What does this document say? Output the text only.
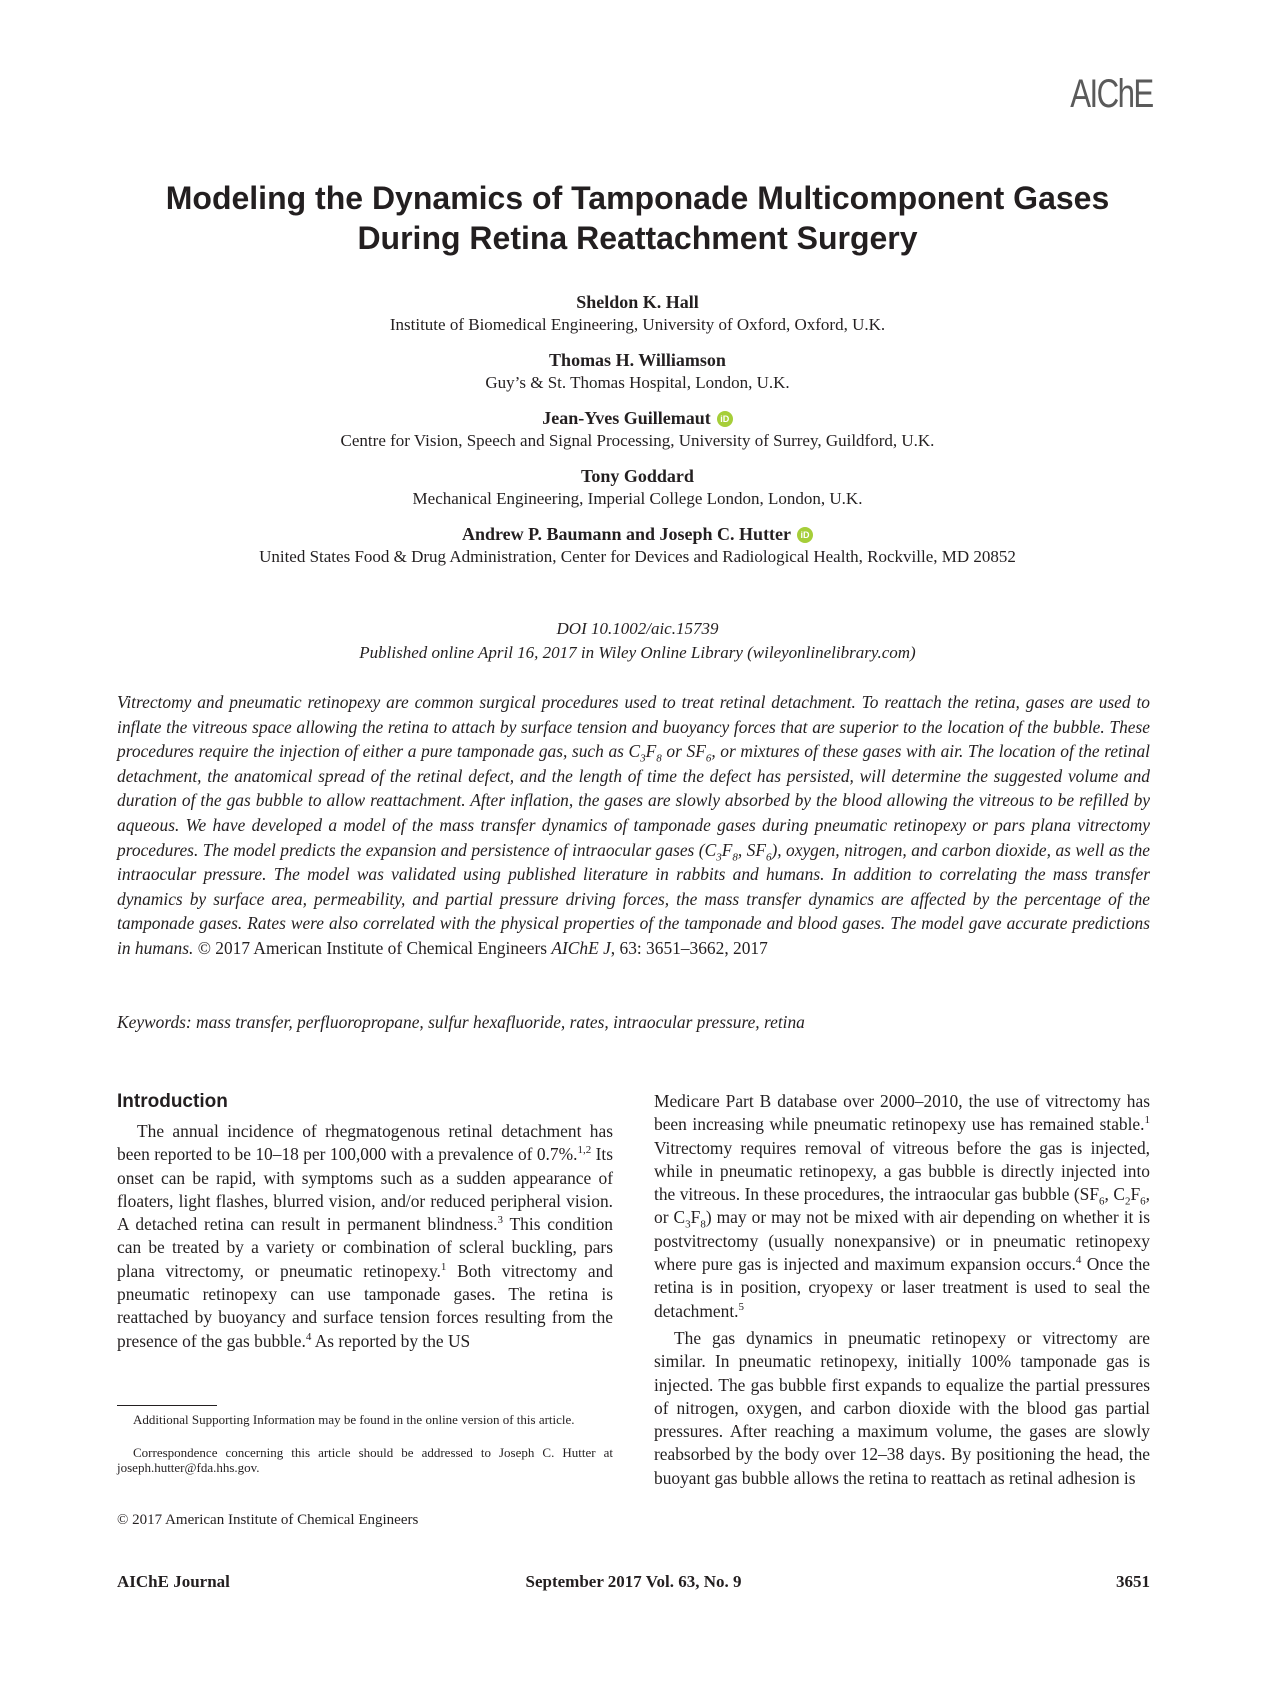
AIChE
Modeling the Dynamics of Tamponade Multicomponent Gases
During Retina Reattachment Surgery
Sheldon K. Hall
Institute of Biomedical Engineering, University of Oxford, Oxford, U.K.
Thomas H. Williamson
Guy’s & St. Thomas Hospital, London, U.K.
Jean-Yves Guillemaut iD
Centre for Vision, Speech and Signal Processing, University of Surrey, Guildford, U.K.
Tony Goddard
Mechanical Engineering, Imperial College London, London, U.K.
Andrew P. Baumann and Joseph C. Hutter iD
United States Food & Drug Administration, Center for Devices and Radiological Health, Rockville, MD 20852
DOI 10.1002/aic.15739
Published online April 16, 2017 in Wiley Online Library (wileyonlinelibrary.com)

Vitrectomy and pneumatic retinopexy are common surgical procedures used to treat retinal detachment. To reattach the retina, gases are used to inflate the vitreous space allowing the retina to attach by surface tension and buoyancy forces that are superior to the location of the bubble. These procedures require the injection of either a pure tamponade gas, such as $C_3F_8$ or $SF_6$, or mixtures of these gases with air. The location of the retinal detachment, the anatomical spread of the retinal defect, and the length of time the defect has persisted, will determine the suggested volume and duration of the gas bubble to allow reattachment. After inflation, the gases are slowly absorbed by the blood allowing the vitreous to be refilled by aqueous. We have developed a model of the mass transfer dynamics of tamponade gases during pneumatic retinopexy or pars plana vitrectomy procedures. The model predicts the expansion and persistence of intraocular gases ($C_3F_8$, $SF_6$), oxygen, nitrogen, and carbon dioxide, as well as the intraocular pressure. The model was validated using published literature in rabbits and humans. In addition to correlating the mass transfer dynamics by surface area, permeability, and partial pressure driving forces, the mass transfer dynamics are affected by the percentage of the tamponade gases. Rates were also correlated with the physical properties of the tamponade and blood gases. The model gave accurate predictions in humans. © 2017 American Institute of Chemical Engineers AIChE J, 63: 3651–3662, 2017

Keywords: mass transfer, perfluoropropane, sulfur hexafluoride, rates, intraocular pressure, retina

Introduction

The annual incidence of rhegmatogenous retinal detachment has been reported to be 10–18 per 100,000 with a prevalence of 0.7%.$^{1,2}$ Its onset can be rapid, with symptoms such as a sudden appearance of floaters, light flashes, blurred vision, and/or reduced peripheral vision. A detached retina can result in permanent blindness.$^3$ This condition can be treated by a variety or combination of scleral buckling, pars plana vitrectomy, or pneumatic retinopexy.$^1$ Both vitrectomy and pneumatic retinopexy can use tamponade gases. The retina is reattached by buoyancy and surface tension forces resulting from the presence of the gas bubble.$^4$ As reported by the US

Medicare Part B database over 2000–2010, the use of vitrectomy has been increasing while pneumatic retinopexy use has remained stable.$^1$ Vitrectomy requires removal of vitreous before the gas is injected, while in pneumatic retinopexy, a gas bubble is directly injected into the vitreous. In these procedures, the intraocular gas bubble ($SF_6$, $C_2F_6$, or $C_3F_8$) may or may not be mixed with air depending on whether it is postvitrectomy (usually nonexpansive) or in pneumatic retinopexy where pure gas is injected and maximum expansion occurs.$^4$ Once the retina is in position, cryopexy or laser treatment is used to seal the detachment.$^5$

The gas dynamics in pneumatic retinopexy or vitrectomy are similar. In pneumatic retinopexy, initially 100% tamponade gas is injected. The gas bubble first expands to equalize the partial pressures of nitrogen, oxygen, and carbon dioxide with the blood gas partial pressures. After reaching a maximum volume, the gases are slowly reabsorbed by the body over 12–38 days. By positioning the head, the buoyant gas bubble allows the retina to reattach as retinal adhesion is

Additional Supporting Information may be found in the online version of this article.

Correspondence concerning this article should be addressed to Joseph C. Hutter at joseph.hutter@fda.hhs.gov.

© 2017 American Institute of Chemical Engineers
AIChE Journal	September 2017 Vol. 63, No. 9	3651
